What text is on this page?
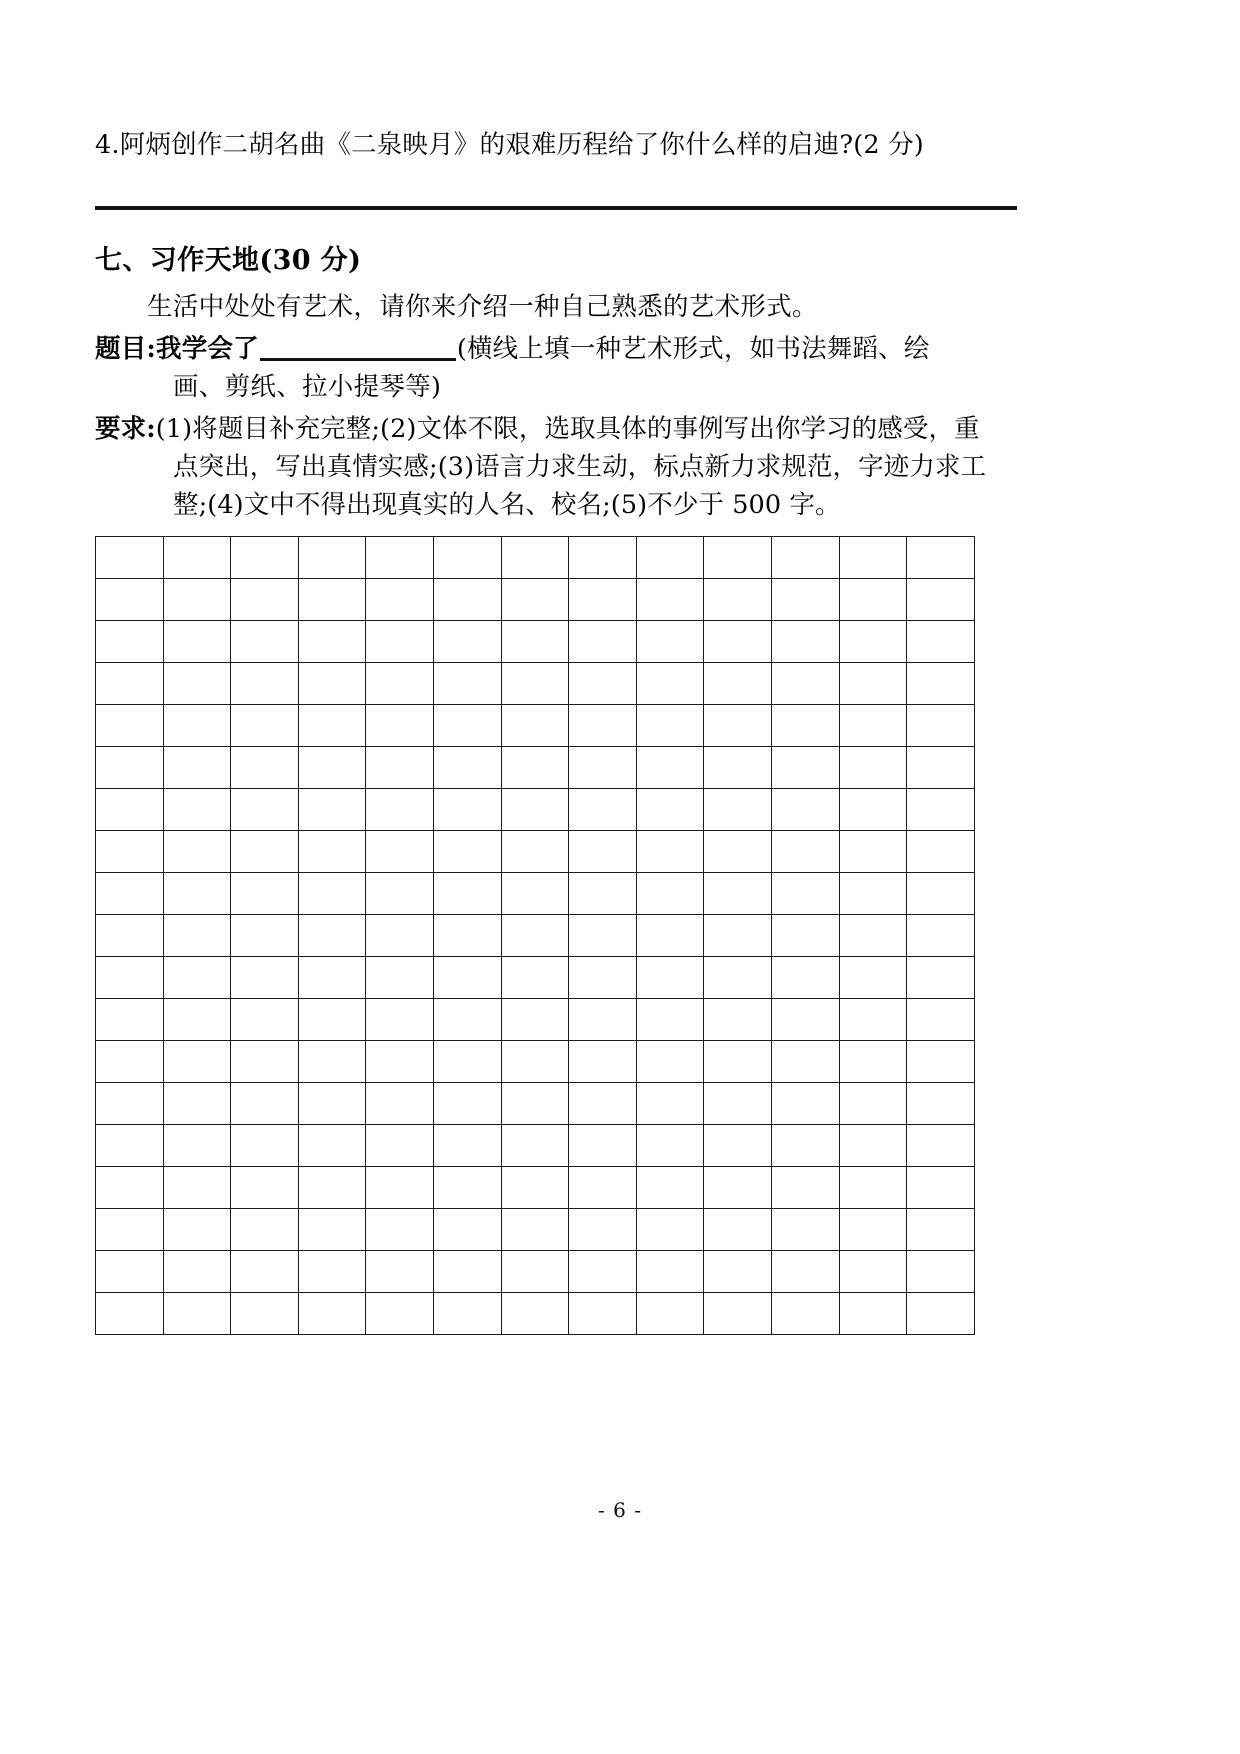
4.阿炳创作二胡名曲《二泉映月》的艰难历程给了你什么样的启迪?(2 分)
七、习作天地(30 分)
生活中处处有艺术，请你来介绍一种自己熟悉的艺术形式。
题目:我学会了	(横线上填一种艺术形式，如书法舞蹈、绘
画、剪纸、拉小提琴等)
要求:(1)将题目补充完整;(2)文体不限，选取具体的事例写出你学习的感受，重
点突出，写出真情实感;(3)语言力求生动，标点新力求规范，字迹力求工
整;(4)文中不得出现真实的人名、校名;(5)不少于 500 字。

- 6 -
